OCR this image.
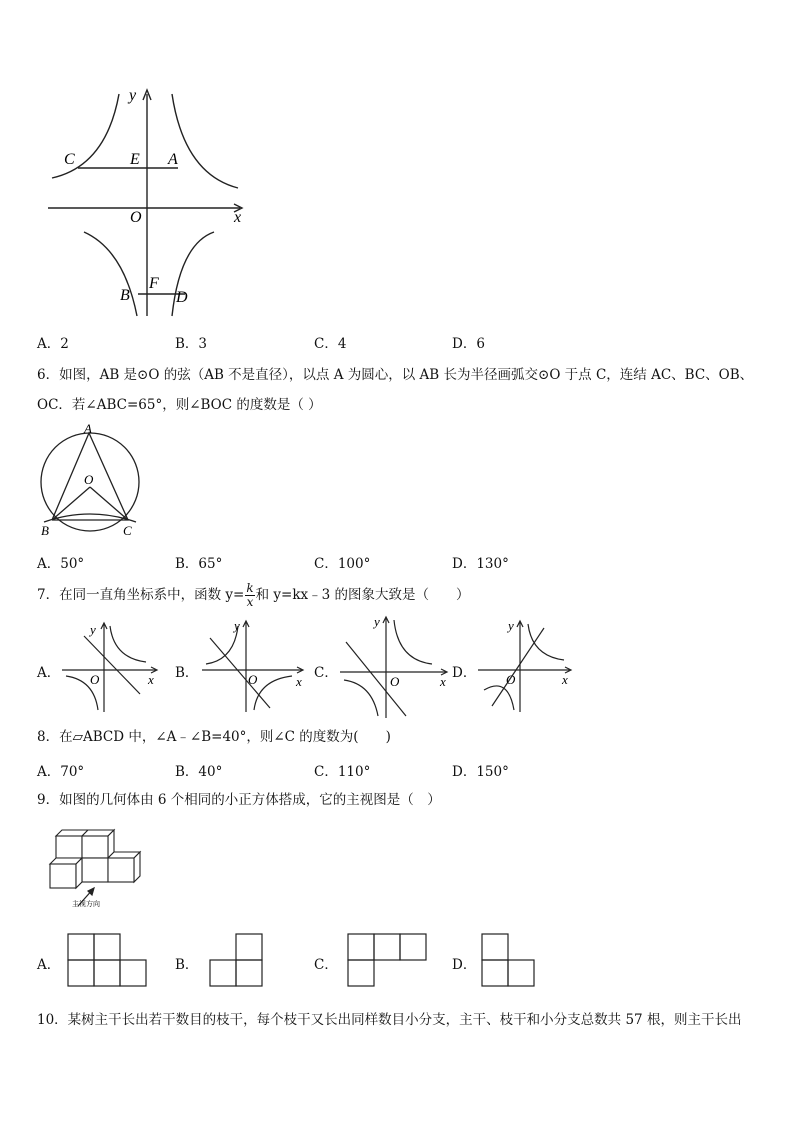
y
x
O
C	E A
B
F
D
A．2	B．3	C．4	D．6
6．如图，AB 是⊙O 的弦（AB 不是直径），以点 A 为圆心，以 AB 长为半径画弧交⊙O 于点 C，连结 AC、BC、OB、
OC．若∠ABC=65°，则∠BOC 的度数是（ ）
A
O
B	C
A．50°	B．65°	C．100°	D．130°
7．在同一直角坐标系中，函数 $y= \frac{k}{x}$ 和 y=kx﹣3 的图象大致是（　　）
A．	B．	C．	D．
y
x
O
y
x
O
y
x
O
y
x
O
8．在▱ABCD 中，∠A﹣∠B=40°，则∠C 的度数为(　　)
A．70°	B．40°	C．110°	D．150°
9．如图的几何体由 6 个相同的小正方体搭成，它的主视图是（　）
主视方向
A．	B．	C．	D．
10．某树主干长出若干数目的枝干，每个枝干又长出同样数目小分支，主干、枝干和小分支总数共 57 根，则主干长出
